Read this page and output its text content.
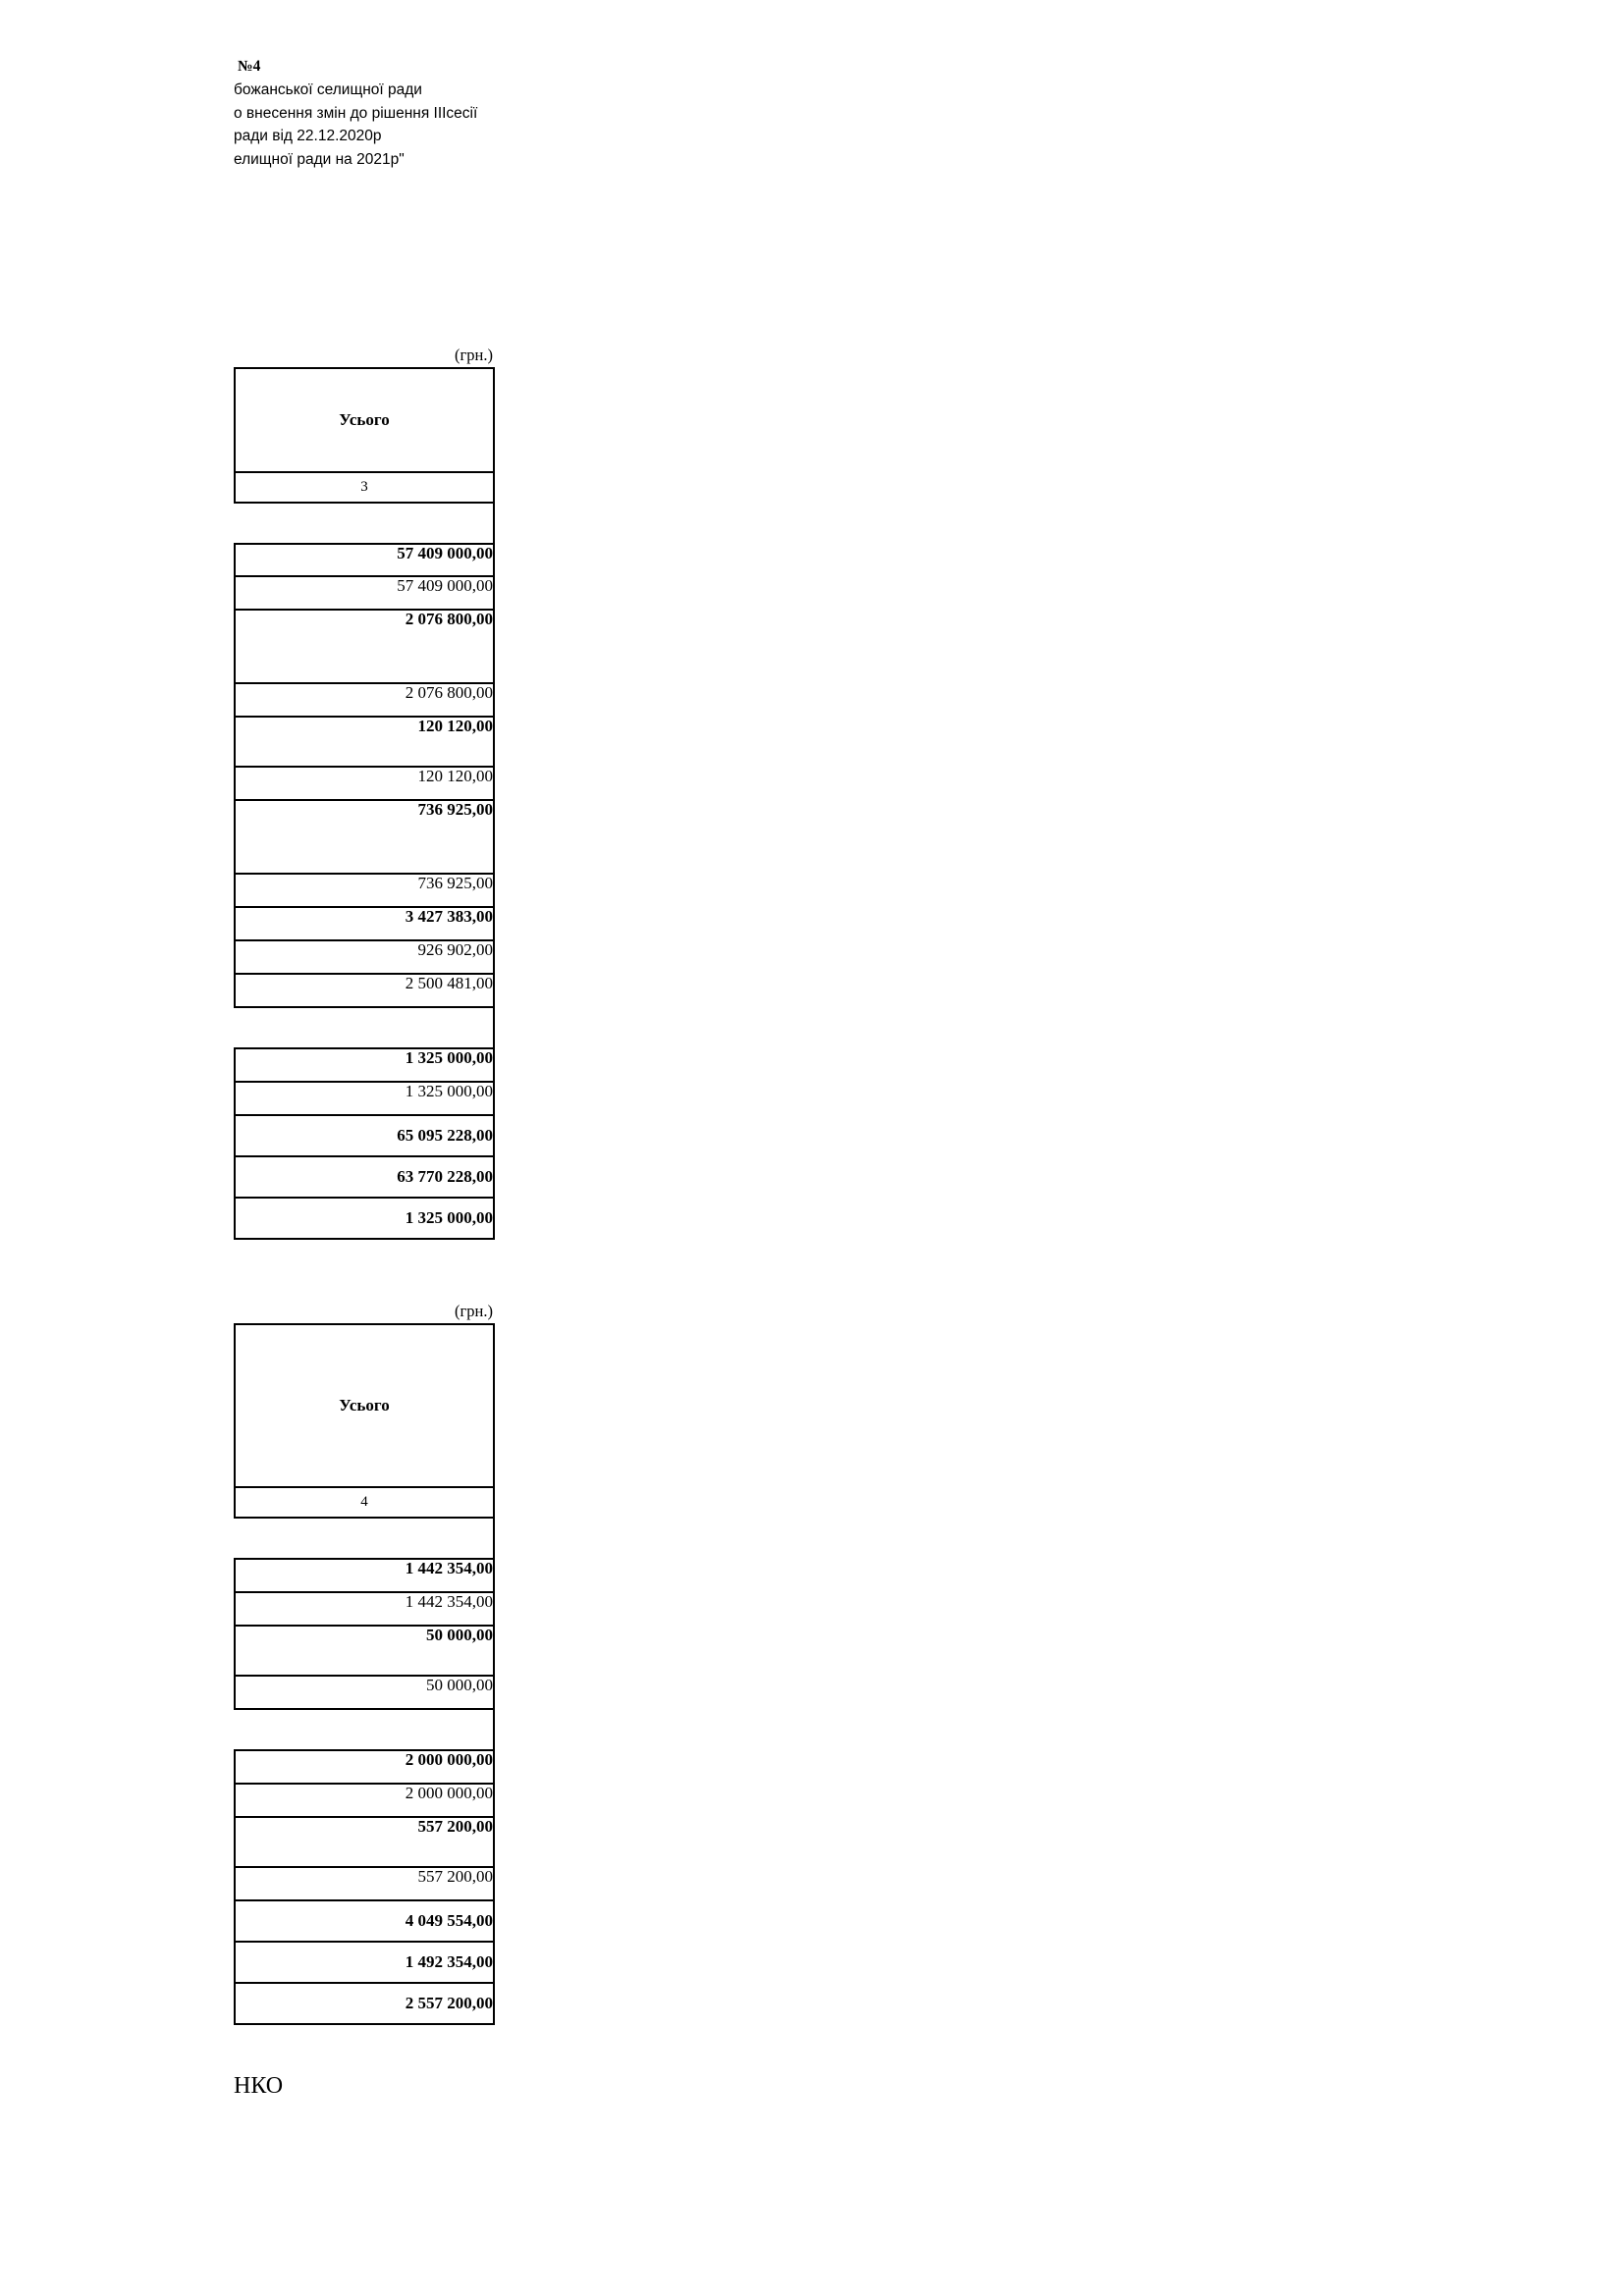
№4
божанської селищної ради
о внесення змін до рішення IIIсесії
ради від 22.12.2020р
елищної ради на 2021р"
(грн.)
Усього
3
57 409 000,00
57 409 000,00
2 076 800,00
2 076 800,00
120 120,00
120 120,00
736 925,00
736 925,00
3 427 383,00
926 902,00
2 500 481,00
1 325 000,00
1 325 000,00
65 095 228,00
63 770 228,00
1 325 000,00
(грн.)
Усього
4
1 442 354,00
1 442 354,00
50 000,00
50 000,00
2 000 000,00
2 000 000,00
557 200,00
557 200,00
4 049 554,00
1 492 354,00
2 557 200,00
НКО
